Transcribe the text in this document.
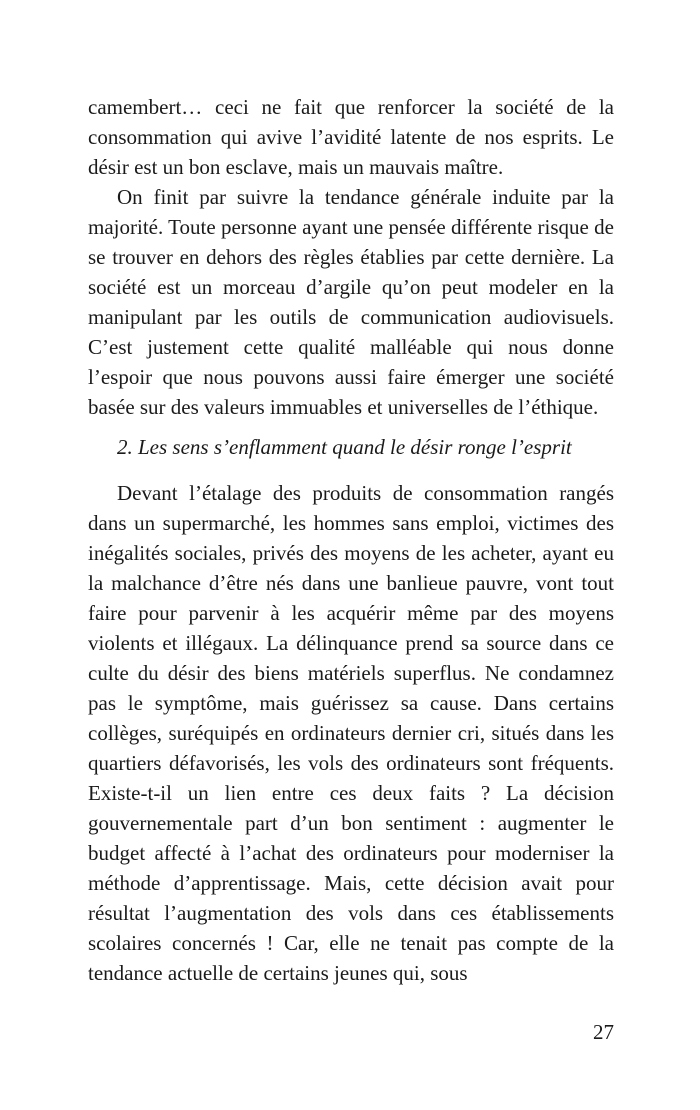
camembert… ceci ne fait que renforcer la société de la consommation qui avive l’avidité latente de nos esprits. Le désir est un bon esclave, mais un mauvais maître.

On finit par suivre la tendance générale induite par la majorité. Toute personne ayant une pensée différente risque de se trouver en dehors des règles établies par cette dernière. La société est un morceau d’argile qu’on peut modeler en la manipulant par les outils de communication audiovisuels. C’est justement cette qualité malléable qui nous donne l’espoir que nous pouvons aussi faire émerger une société basée sur des valeurs immuables et universelles de l’éthique.

2. Les sens s’enflamment quand le désir ronge l’esprit

Devant l’étalage des produits de consommation rangés dans un supermarché, les hommes sans emploi, victimes des inégalités sociales, privés des moyens de les acheter, ayant eu la malchance d’être nés dans une banlieue pauvre, vont tout faire pour parvenir à les acquérir même par des moyens violents et illégaux. La délinquance prend sa source dans ce culte du désir des biens matériels superflus. Ne condamnez pas le symptôme, mais guérissez sa cause. Dans certains collèges, suréquipés en ordinateurs dernier cri, situés dans les quartiers défavorisés, les vols des ordinateurs sont fréquents. Existe-t-il un lien entre ces deux faits ? La décision gouvernementale part d’un bon sentiment : augmenter le budget affecté à l’achat des ordinateurs pour moderniser la méthode d’apprentissage. Mais, cette décision avait pour résultat l’augmentation des vols dans ces établissements scolaires concernés ! Car, elle ne tenait pas compte de la tendance actuelle de certains jeunes qui, sous

27
